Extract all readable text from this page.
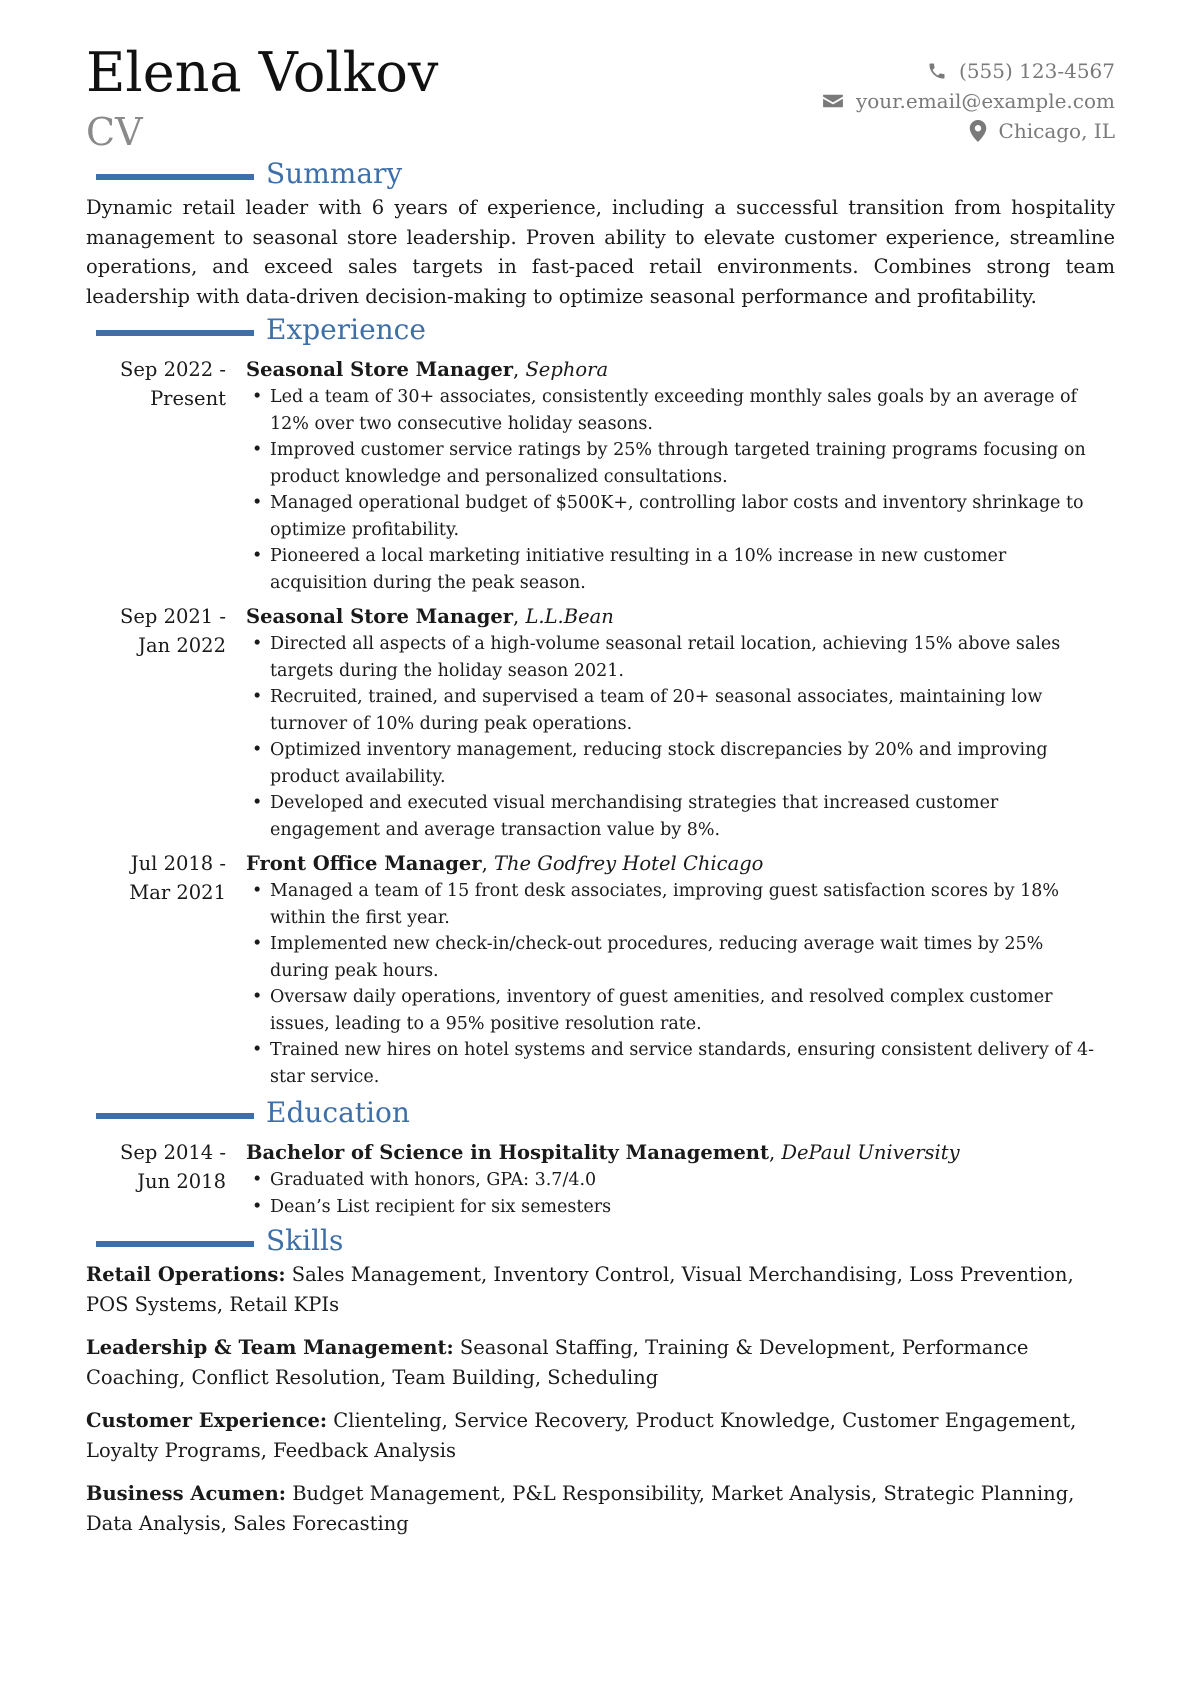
Elena Volkov
CV
(555) 123-4567
your.email@example.com
Chicago, IL
Summary

Dynamic retail leader with 6 years of experience, including a successful transition from hospitality management to seasonal store leadership. Proven ability to elevate customer experience, streamline operations, and exceed sales targets in fast-paced retail environments. Combines strong team leadership with data-driven decision-making to optimize seasonal performance and profitability.

Experience
Sep 2022 - Present
Seasonal Store Manager, Sephora
• Led a team of 30+ associates, consistently exceeding monthly sales goals by an average of 12% over two consecutive holiday seasons.
• Improved customer service ratings by 25% through targeted training programs focusing on product knowledge and personalized consultations.
• Managed operational budget of $500K+, controlling labor costs and inventory shrinkage to optimize profitability.
• Pioneered a local marketing initiative resulting in a 10% increase in new customer acquisition during the peak season.
Sep 2021 - Jan 2022
Seasonal Store Manager, L.L.Bean
• Directed all aspects of a high-volume seasonal retail location, achieving 15% above sales targets during the holiday season 2021.
• Recruited, trained, and supervised a team of 20+ seasonal associates, maintaining low turnover of 10% during peak operations.
• Optimized inventory management, reducing stock discrepancies by 20% and improving product availability.
• Developed and executed visual merchandising strategies that increased customer engagement and average transaction value by 8%.
Jul 2018 - Mar 2021
Front Office Manager, The Godfrey Hotel Chicago
• Managed a team of 15 front desk associates, improving guest satisfaction scores by 18% within the first year.
• Implemented new check-in/check-out procedures, reducing average wait times by 25% during peak hours.
• Oversaw daily operations, inventory of guest amenities, and resolved complex customer issues, leading to a 95% positive resolution rate.
• Trained new hires on hotel systems and service standards, ensuring consistent delivery of 4-star service.
Education
Sep 2014 - Jun 2018
Bachelor of Science in Hospitality Management, DePaul University
• Graduated with honors, GPA: 3.7/4.0
• Dean’s List recipient for six semesters
Skills
Retail Operations: Sales Management, Inventory Control, Visual Merchandising, Loss Prevention, POS Systems, Retail KPIs
Leadership & Team Management: Seasonal Staffing, Training & Development, Performance Coaching, Conflict Resolution, Team Building, Scheduling
Customer Experience: Clienteling, Service Recovery, Product Knowledge, Customer Engagement, Loyalty Programs, Feedback Analysis
Business Acumen: Budget Management, P&L Responsibility, Market Analysis, Strategic Planning, Data Analysis, Sales Forecasting
